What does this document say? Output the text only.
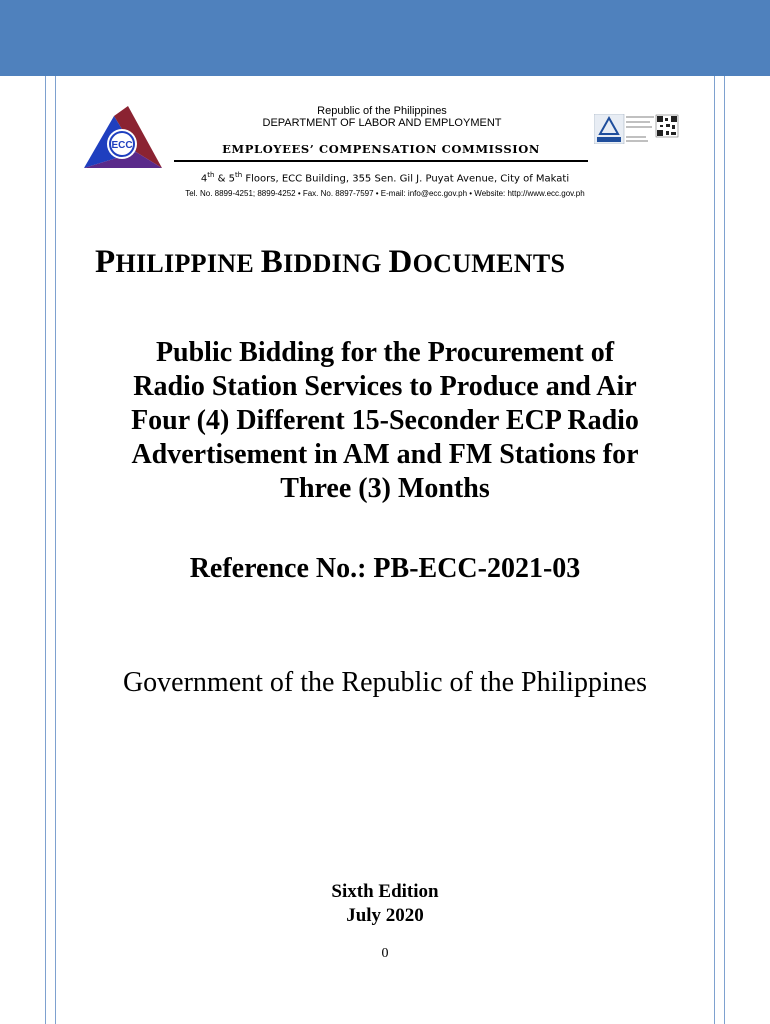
ECC
Republic of the Philippines
DEPARTMENT OF LABOR AND EMPLOYMENT
EMPLOYEES’ COMPENSATION COMMISSION
4th & 5th Floors, ECC Building, 355 Sen. Gil J. Puyat Avenue, City of Makati
Tel. No. 8899-4251; 8899-4252 • Fax. No. 8897-7597 • E-mail: info@ecc.gov.ph • Website: http://www.ecc.gov.ph
PHILIPPINE BIDDING DOCUMENTS
Public Bidding for the Procurement of
Radio Station Services to Produce and Air
Four (4) Different 15-Seconder ECP Radio
Advertisement in AM and FM Stations for
Three (3) Months
Reference No.: PB-ECC-2021-03
Government of the Republic of the Philippines
Sixth Edition
July 2020
0
